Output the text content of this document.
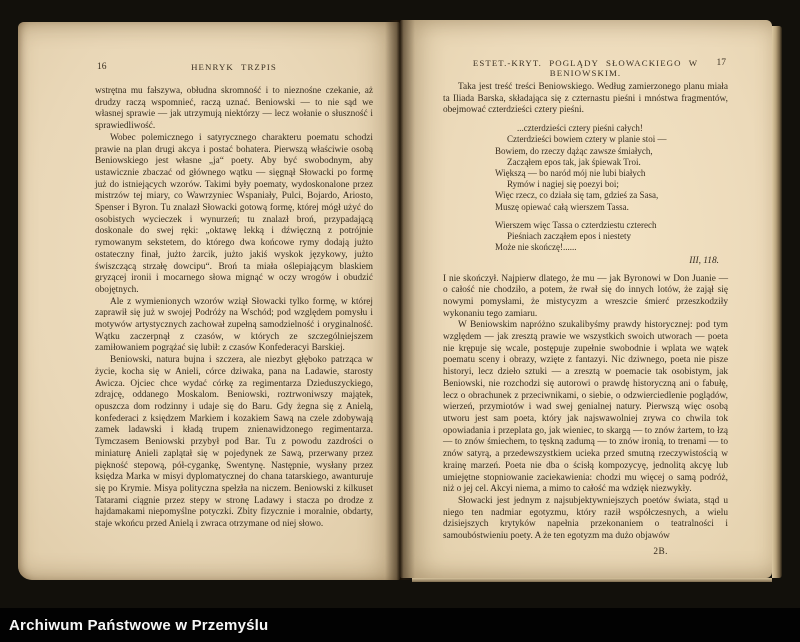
16	HENRYK TRZPIS

wstrętna mu fałszywa, obłudna skromność i to nieznośne czekanie, aż drudzy raczą wspomnieć, raczą uznać. Beniowski — to nie sąd we własnej sprawie — jak utrzymują niektórzy — lecz wołanie o słuszność i sprawiedliwość.

Wobec polemicznego i satyrycznego charakteru poematu schodzi prawie na plan drugi akcya i postać bohatera. Pierwszą właściwie osobą Beniowskiego jest własne „ja“ poety. Aby być swobodnym, aby ustawicznie zbaczać od głównego wątku — sięgnął Słowacki po formę już do istniejących wzorów. Takimi były poematy, wydoskonalone przez mistrzów tej miary, co Wawrzyniec Wspaniały, Pulci, Bojardo, Ariosto, Spenser i Byron. Tu znalazł Słowacki gotową formę, której mógł użyć do osobistych wycieczek i wynurzeń; tu znalazł broń, przypadającą doskonale do swej ręki: „oktawę lekką i dźwięczną z potrójnie rymowanym sekstetem, do którego dwa końcowe rymy dodają jużto ostateczny finał, jużto żarcik, jużto jakiś wyskok językowy, jużto świszczącą strzałę dowcipu“. Broń ta miała oślepiającym blaskiem gryzącej ironii i mocarnego słowa mignąć w oczy wrogów i obudzić obojętnych.

Ale z wymienionych wzorów wziął Słowacki tylko formę, w której zaprawił się już w swojej Podróży na Wschód; pod względem pomysłu i motywów artystycznych zachował zupełną samodzielność i oryginalność. Wątku zaczerpnął z czasów, w których ze szczególniejszem zamiłowaniem pogrążać się lubił: z czasów Konfederacyi Barskiej.

Beniowski, natura bujna i szczera, ale niezbyt głęboko patrząca w życie, kocha się w Anieli, córce dziwaka, pana na Ladawie, starosty Awicza. Ojciec chce wydać córkę za regimentarza Dzieduszyckiego, zdrajcę, oddanego Moskalom. Beniowski, roztrwoniwszy majątek, opuszcza dom rodzinny i udaje się do Baru. Gdy żegna się z Anielą, konfederaci z księdzem Markiem i kozakiem Sawą na czele zdobywają zamek ladawski i kładą trupem znienawidzonego regimentarza. Tymczasem Beniowski przybył pod Bar. Tu z powodu zazdrości o miniaturę Anieli zaplątał się w pojedynek ze Sawą, przerwany przez piękność stepową, pół-cygankę, Swentynę. Następnie, wysłany przez księdza Marka w misyi dyplomatycznej do chana tatarskiego, awanturuje się po Krymie. Misya polityczna spełzła na niczem. Beniowski z kilkuset Tatarami ciągnie przez stepy w stronę Ladawy i stacza po drodze z hajdamakami niepomyślne potyczki. Zbity fizycznie i moralnie, obdarty, staje wkońcu przed Anielą i zwraca otrzymane od niej słowo.

ESTET.-KRYT. POGLĄDY SŁOWACKIEGO W BENIOWSKIM.
17

Taka jest treść treści Beniowskiego. Według zamierzonego planu miała ta Iliada Barska, składająca się z czternastu pieśni i mnóstwa fragmentów, obejmować czterdzieści cztery pieśni.

...czterdzieści cztery pieśni całych!
Czterdzieści bowiem cztery w planie stoi —
Bowiem, do rzeczy dążąc zawsze śmiałych,
Zacząłem epos tak, jak śpiewak Troi.
Większą — bo naród mój nie lubi białych
Rymów i nagiej się poezyi boi;
Więc rzecz, co działa się tam, gdzieś za Sasa,
Muszę opiewać całą wierszem Tassa.
Wierszem więc Tassa o czterdziestu czterech
Pieśniach zacząłem epos i niestety
Może nie skończę!......
III, 118.

I nie skończył. Najpierw dlatego, że mu — jak Byronowi w Don Juanie — o całość nie chodziło, a potem, że rwał się do innych lotów, że zajął się nowymi pomysłami, że mistycyzm a wreszcie śmierć przeszkodziły wykonaniu tego zamiaru.

W Beniowskim napróżno szukalibyśmy prawdy historycznej: pod tym względem — jak zresztą prawie we wszystkich swoich utworach — poeta nie krępuje się wcale, postępuje zupełnie swobodnie i wplata we wątek poematu sceny i obrazy, wzięte z fantazyi. Nic dziwnego, poeta nie pisze historyi, lecz dzieło sztuki — a zresztą w poemacie tak osobistym, jak Beniowski, nie rozchodzi się autorowi o prawdę historyczną ani o fabułę, lecz o obrachunek z przeciwnikami, o siebie, o odzwierciedlenie poglądów, wierzeń, przymiotów i wad swej genialnej natury. Pierwszą więc osobą utworu jest sam poeta, który jak najswawolniej zrywa co chwila tok opowiadania i przeplata go, jak wieniec, to skargą — to znów żartem, to łzą — to znów śmiechem, to tęskną zadumą — to znów ironią, to trenami — to znów satyrą, a przedewszystkiem ucieka przed smutną rzeczywistością w krainę marzeń. Poeta nie dba o ścisłą kompozycyę, jednolitą akcyę lub umiejętne stopniowanie zaciekawienia: chodzi mu więcej o samą podróż, niż o jej cel. Akcyi niema, a mimo to całość ma wdzięk niezwykły.

Słowacki jest jednym z najsubjektywniejszych poetów świata, stąd u niego ten nadmiar egotyzmu, który raził współczesnych, a wielu dzisiejszych krytyków napełnia przekonaniem o teatralności i samoubóstwieniu poety. A że ten egotyzm ma dużo objawów

2B.
Archiwum Państwowe w Przemyślu
